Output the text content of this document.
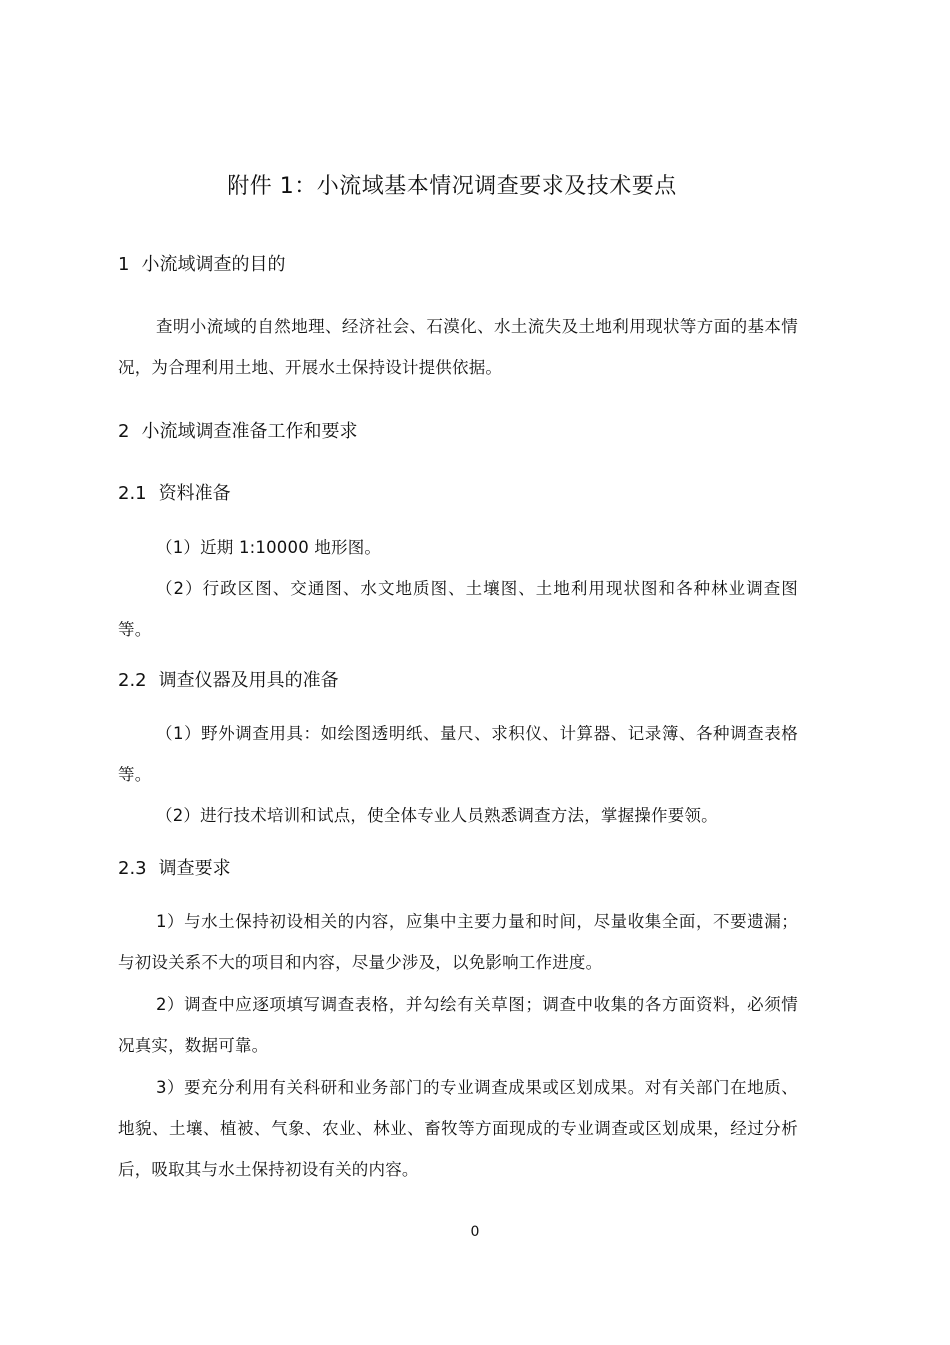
附件 1：小流域基本情况调查要求及技术要点
1 小流域调查的目的
查明小流域的自然地理、经济社会、石漠化、水土流失及土地利用现状等方面的基本情况，为合理利用土地、开展水土保持设计提供依据。
2 小流域调查准备工作和要求
2.1 资料准备
（1）近期 1:10000 地形图。
（2）行政区图、交通图、水文地质图、土壤图、土地利用现状图和各种林业调查图等。
2.2 调查仪器及用具的准备
（1）野外调查用具：如绘图透明纸、量尺、求积仪、计算器、记录簿、各种调查表格等。
（2）进行技术培训和试点，使全体专业人员熟悉调查方法，掌握操作要领。
2.3 调查要求
1）与水土保持初设相关的内容，应集中主要力量和时间，尽量收集全面，不要遗漏；与初设关系不大的项目和内容，尽量少涉及，以免影响工作进度。
2）调查中应逐项填写调查表格，并勾绘有关草图；调查中收集的各方面资料，必须情况真实，数据可靠。
3）要充分利用有关科研和业务部门的专业调查成果或区划成果。对有关部门在地质、地貌、土壤、植被、气象、农业、林业、畜牧等方面现成的专业调查或区划成果，经过分析后，吸取其与水土保持初设有关的内容。
0
